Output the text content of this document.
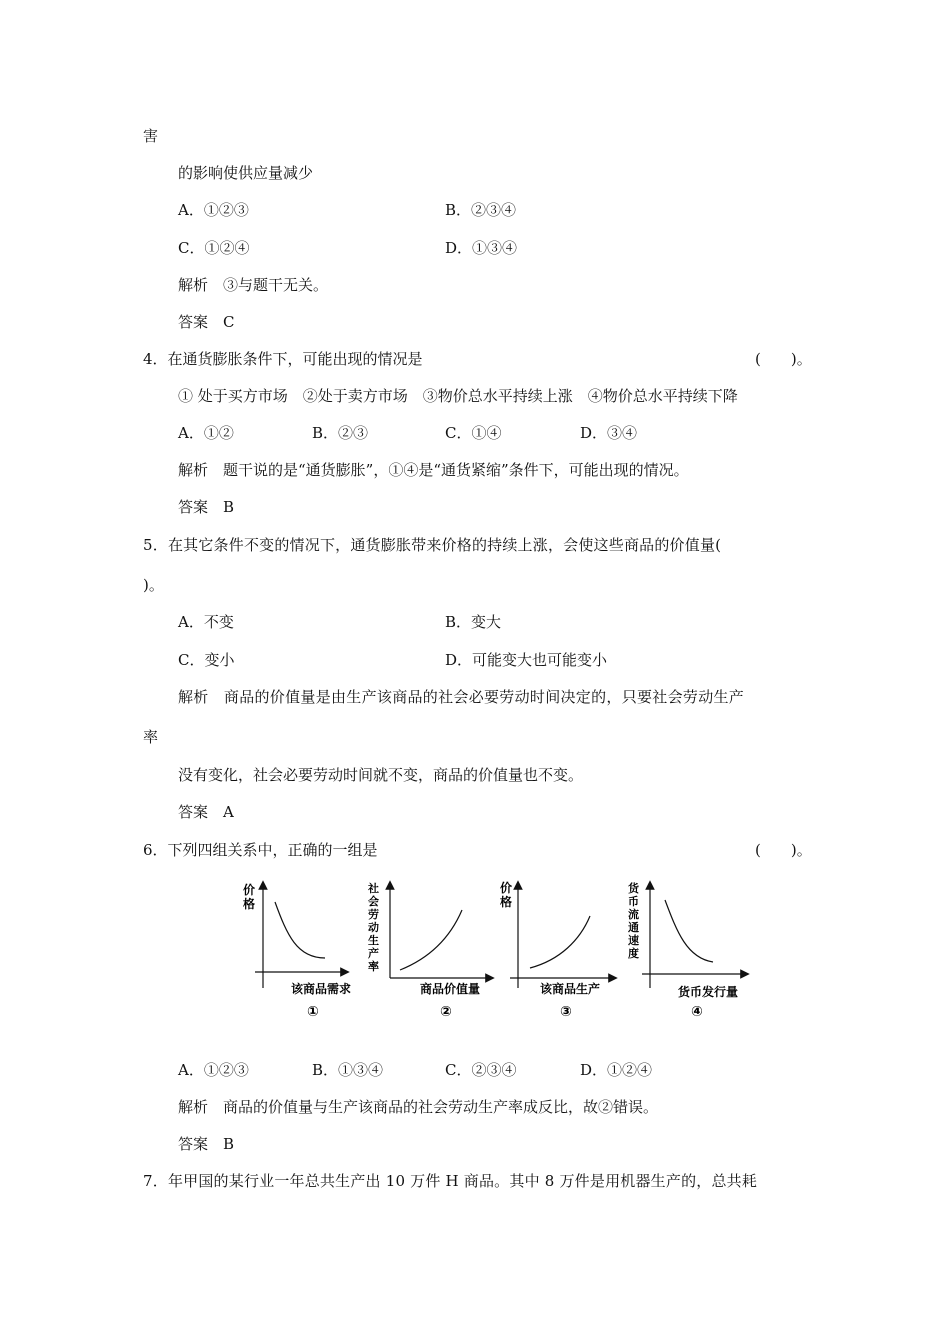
害
的影响使供应量减少
A．①②③	B．②③④
C．①②④	D．①③④
解析　③与题干无关。
答案　C
4．在通货膨胀条件下，可能出现的情况是	(　　)。
① 处于买方市场　②处于卖方市场　③物价总水平持续上涨　④物价总水平持续下降
A．①②	B．②③	C．①④	D．③④
解析　题干说的是“通货膨胀”，①④是“通货紧缩”条件下，可能出现的情况。
答案　B
5．在其它条件不变的情况下，通货膨胀带来价格的持续上涨，会使这些商品的价值量(
)。
A．不变	B．变大
C．变小	D．可能变大也可能变小
解析　商品的价值量是由生产该商品的社会必要劳动时间决定的，只要社会劳动生产
率
没有变化，社会必要劳动时间就不变，商品的价值量也不变。
答案　A
6．下列四组关系中，正确的一组是	(　　)。
价格
该商品需求
①
社会劳动生产率
商品价值量
②
价格
该商品生产
③
货币流通速度
货币发行量
④
A．①②③	B．①③④	C．②③④	D．①②④
解析　商品的价值量与生产该商品的社会劳动生产率成反比，故②错误。
答案　B
7．年甲国的某行业一年总共生产出 10 万件 H 商品。其中 8 万件是用机器生产的，总共耗
